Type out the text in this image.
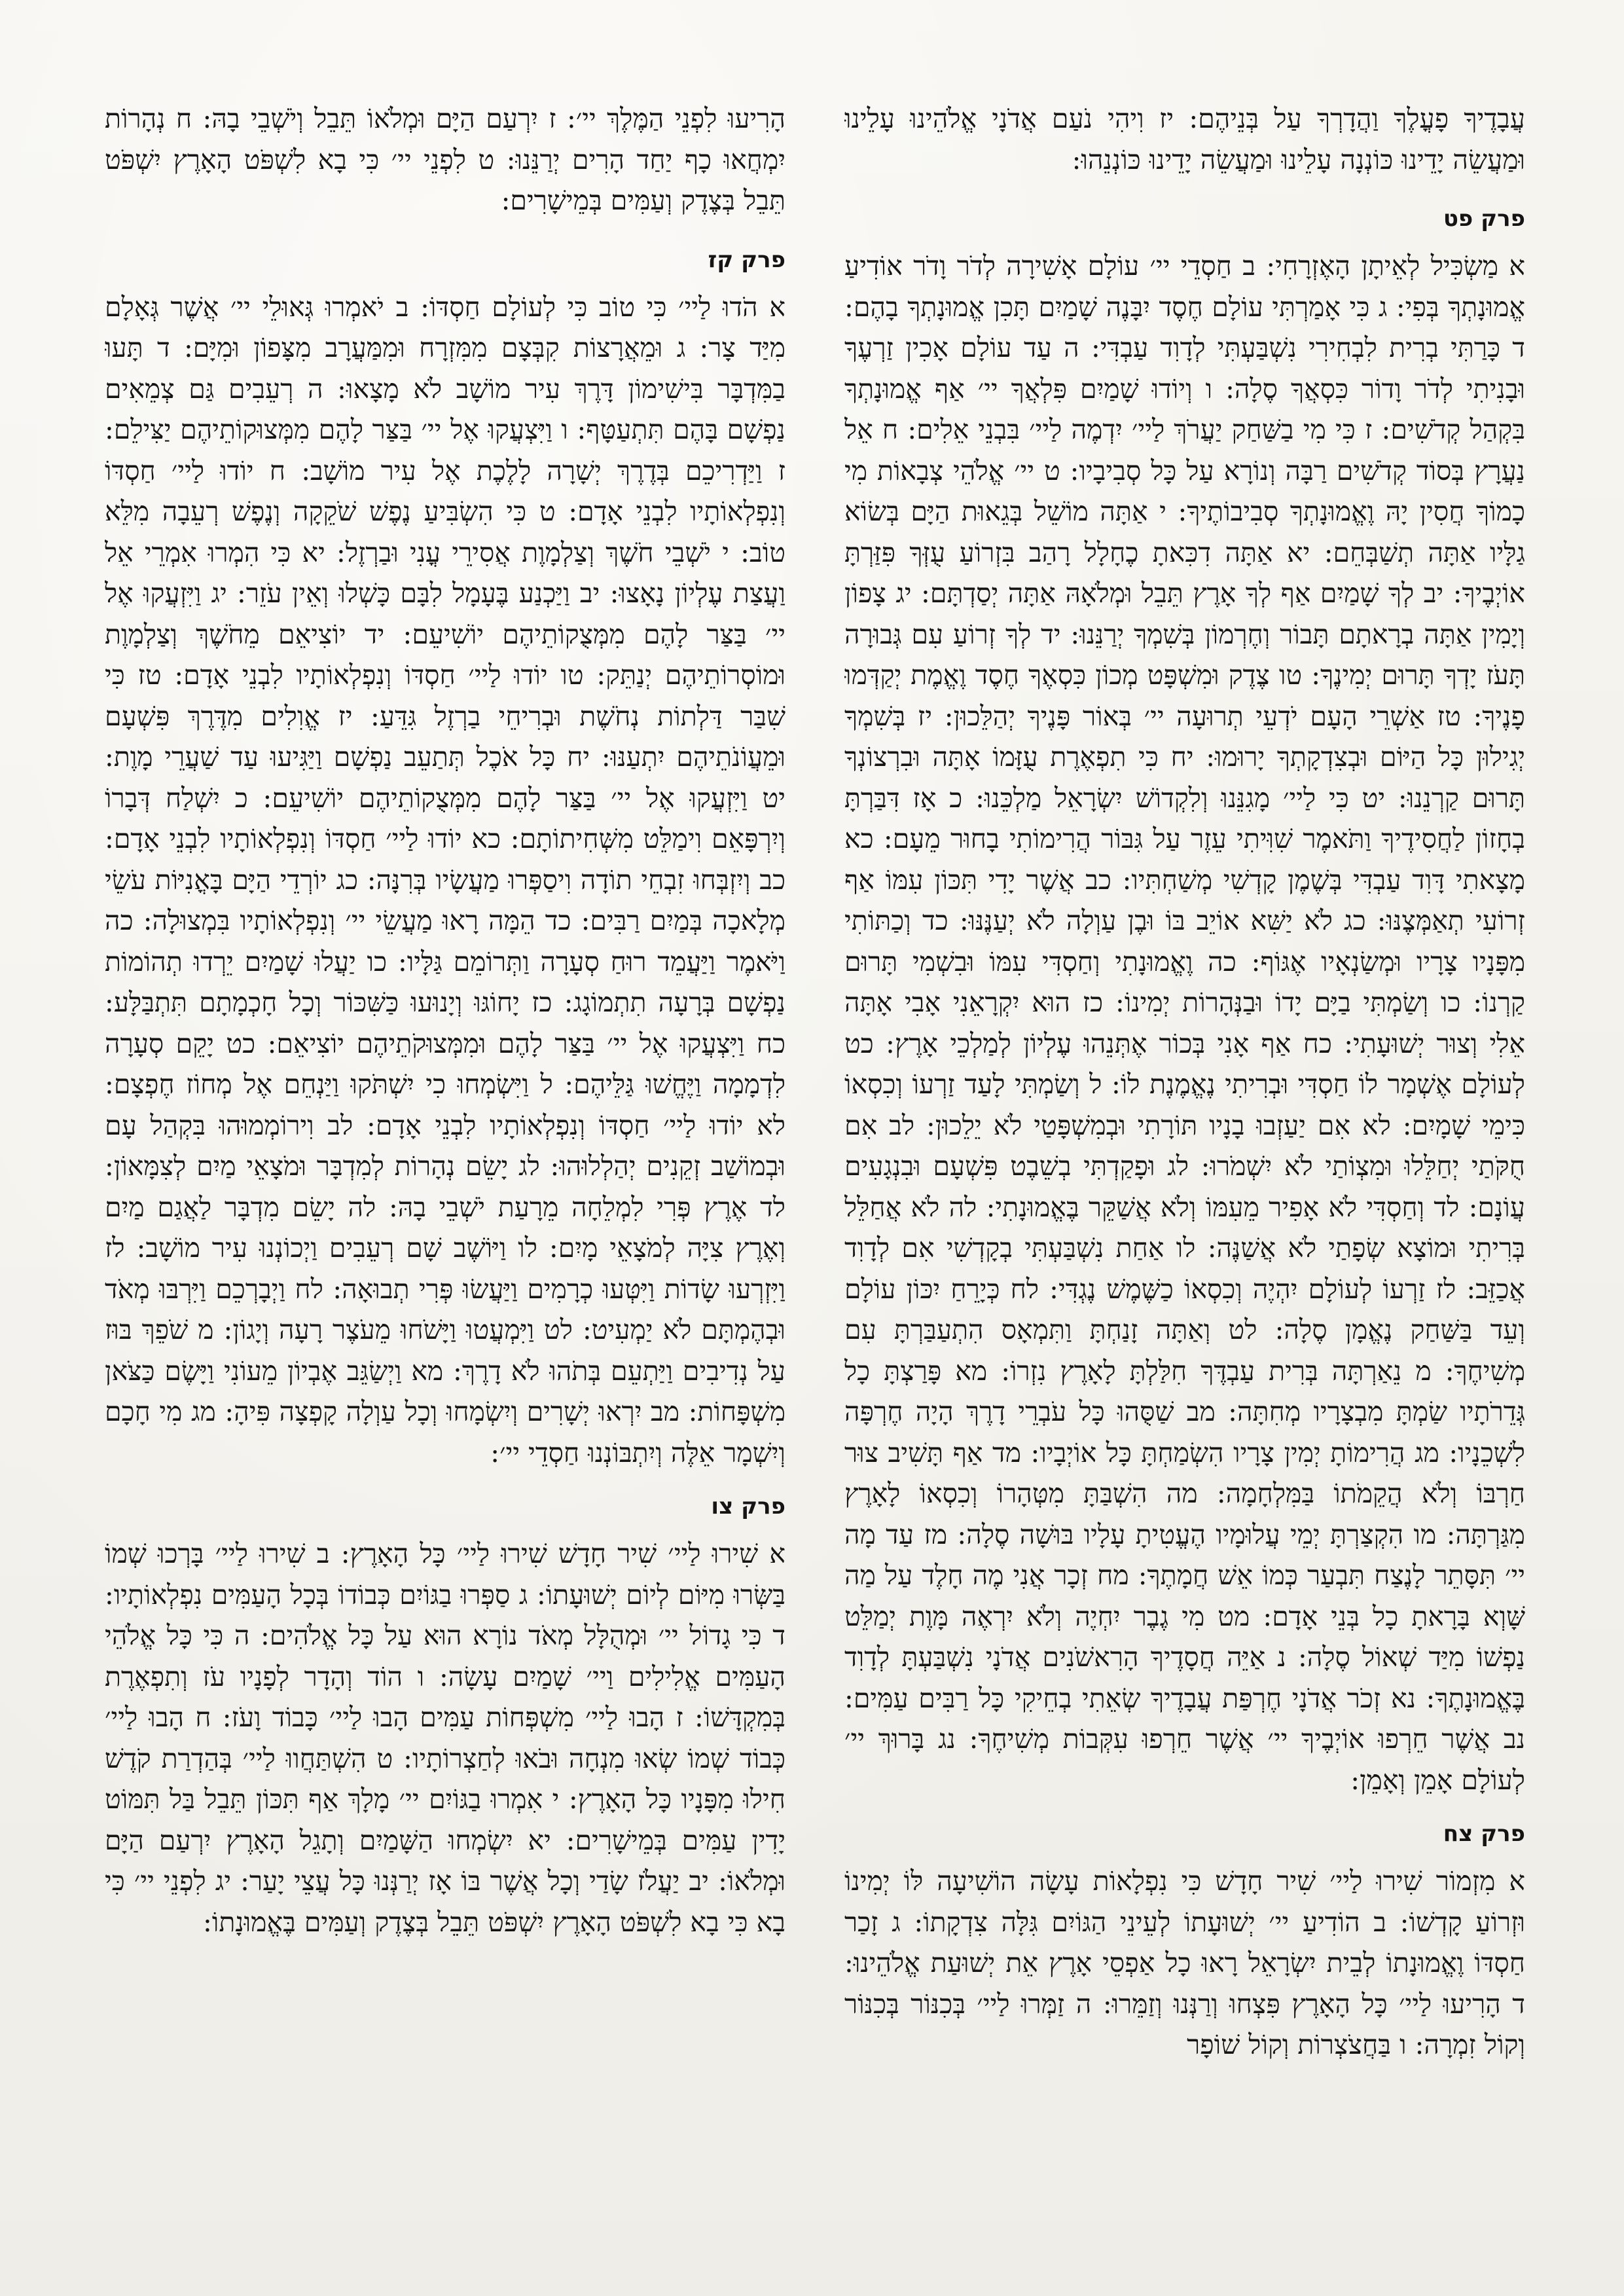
עֲבָדֶיךָ פָעֳלֶךָ וַהֲדָרְךָ עַל בְּנֵיהֶם: יז וִיהִי נֹעַם אֲדֹנָי אֱלֹהֵינוּ עָלֵינוּ וּמַעֲשֵׂה יָדֵינוּ כּוֹנְנָה עָלֵינוּ וּמַעֲשֵׂה יָדֵינוּ כּוֹנְנֵהוּ:

פרק פט

א מַשְׂכִּיל לְאֵיתָן הָאֶזְרָחִי: ב חַסְדֵי יי׳ עוֹלָם אָשִׁירָה לְדֹר וָדֹר אוֹדִיעַ אֱמוּנָתְךָ בְּפִי: ג כִּי אָמַרְתִּי עוֹלָם חֶסֶד יִבָּנֶה שָׁמַיִם תָּכִן אֱמוּנָתְךָ בָהֶם: ד כָּרַתִּי בְרִית לִבְחִירִי נִשְׁבַּעְתִּי לְדָוִד עַבְדִּי: ה עַד עוֹלָם אָכִין זַרְעֶךָ וּבָנִיתִי לְדֹר וָדוֹר כִּסְאֲךָ סֶלָה: ו וְיוֹדוּ שָׁמַיִם פִּלְאֲךָ יי׳ אַף אֱמוּנָתְךָ בִּקְהַל קְדֹשִׁים: ז כִּי מִי בַשַּׁחַק יַעֲרֹךְ לַיי׳ יִדְמֶה לַיי׳ בִּבְנֵי אֵלִים: ח אֵל נַעֲרָץ בְּסוֹד קְדֹשִׁים רַבָּה וְנוֹרָא עַל כָּל סְבִיבָיו: ט יי׳ אֱלֹהֵי צְבָאוֹת מִי כָמוֹךָ חֲסִין יָהּ וֶאֱמוּנָתְךָ סְבִיבוֹתֶיךָ: י אַתָּה מוֹשֵׁל בְּגֵאוּת הַיָּם בְּשׂוֹא גַלָּיו אַתָּה תְשַׁבְּחֵם: יא אַתָּה דִכִּאתָ כֶחָלָל רָהַב בִּזְרוֹעַ עֻזְּךָ פִּזַּרְתָּ אוֹיְבֶיךָ: יב לְךָ שָׁמַיִם אַף לְךָ אָרֶץ תֵּבֵל וּמְלֹאָהּ אַתָּה יְסַדְתָּם: יג צָפוֹן וְיָמִין אַתָּה בְרָאתָם תָּבוֹר וְחֶרְמוֹן בְּשִׁמְךָ יְרַנֵּנוּ: יד לְךָ זְרוֹעַ עִם גְּבוּרָה תָּעֹז יָדְךָ תָּרוּם יְמִינֶךָ: טו צֶדֶק וּמִשְׁפָּט מְכוֹן כִּסְאֶךָ חֶסֶד וֶאֱמֶת יְקַדְּמוּ פָנֶיךָ: טז אַשְׁרֵי הָעָם יֹדְעֵי תְרוּעָה יי׳ בְּאוֹר פָּנֶיךָ יְהַלֵּכוּן: יז בְּשִׁמְךָ יְגִילוּן כָּל הַיּוֹם וּבְצִדְקָתְךָ יָרוּמוּ: יח כִּי תִפְאֶרֶת עֻזָּמוֹ אָתָּה וּבִרְצוֹנְךָ תָּרוּם קַרְנֵנוּ: יט כִּי לַיי׳ מָגִנֵּנוּ וְלִקְדוֹשׁ יִשְׂרָאֵל מַלְכֵּנוּ: כ אָז דִּבַּרְתָּ בְחָזוֹן לַחֲסִידֶיךָ וַתֹּאמֶר שִׁוִּיתִי עֵזֶר עַל גִּבּוֹר הֲרִימוֹתִי בָחוּר מֵעָם: כא מָצָאתִי דָּוִד עַבְדִּי בְּשֶׁמֶן קָדְשִׁי מְשַׁחְתִּיו: כב אֲשֶׁר יָדִי תִּכּוֹן עִמּוֹ אַף זְרוֹעִי תְאַמְּצֶנּוּ: כג לֹא יַשִּׁא אוֹיֵב בּוֹ וּבֶן עַוְלָה לֹא יְעַנֶּנּוּ: כד וְכַתּוֹתִי מִפָּנָיו צָרָיו וּמְשַׂנְאָיו אֶגּוֹף: כה וֶאֱמוּנָתִי וְחַסְדִּי עִמּוֹ וּבִשְׁמִי תָּרוּם קַרְנוֹ: כו וְשַׂמְתִּי בַיָּם יָדוֹ וּבַנְּהָרוֹת יְמִינוֹ: כז הוּא יִקְרָאֵנִי אָבִי אָתָּה אֵלִי וְצוּר יְשׁוּעָתִי: כח אַף אָנִי בְּכוֹר אֶתְּנֵהוּ עֶלְיוֹן לְמַלְכֵי אָרֶץ: כט לְעוֹלָם אֶשְׁמָר לוֹ חַסְדִּי וּבְרִיתִי נֶאֱמֶנֶת לוֹ: ל וְשַׂמְתִּי לָעַד זַרְעוֹ וְכִסְאוֹ כִּימֵי שָׁמָיִם: לא אִם יַעַזְבוּ בָנָיו תּוֹרָתִי וּבְמִשְׁפָּטַי לֹא יֵלֵכוּן: לב אִם חֻקֹּתַי יְחַלֵּלוּ וּמִצְוֹתַי לֹא יִשְׁמֹרוּ: לג וּפָקַדְתִּי בְשֵׁבֶט פִּשְׁעָם וּבִנְגָעִים עֲוֹנָם: לד וְחַסְדִּי לֹא אָפִיר מֵעִמּוֹ וְלֹא אֲשַׁקֵּר בֶּאֱמוּנָתִי: לה לֹא אֲחַלֵּל בְּרִיתִי וּמוֹצָא שְׂפָתַי לֹא אֲשַׁנֶּה: לו אַחַת נִשְׁבַּעְתִּי בְקָדְשִׁי אִם לְדָוִד אֲכַזֵּב: לז זַרְעוֹ לְעוֹלָם יִהְיֶה וְכִסְאוֹ כַשֶּׁמֶשׁ נֶגְדִּי: לח כְּיָרֵחַ יִכּוֹן עוֹלָם וְעֵד בַּשַּׁחַק נֶאֱמָן סֶלָה: לט וְאַתָּה זָנַחְתָּ וַתִּמְאָס הִתְעַבַּרְתָּ עִם מְשִׁיחֶךָ: מ נֵאַרְתָּה בְּרִית עַבְדֶּךָ חִלַּלְתָּ לָאָרֶץ נִזְרוֹ: מא פָּרַצְתָּ כָל גְּדֵרֹתָיו שַׂמְתָּ מִבְצָרָיו מְחִתָּה: מב שַׁסֻּהוּ כָּל עֹבְרֵי דָרֶךְ הָיָה חֶרְפָּה לִשְׁכֵנָיו: מג הֲרִימוֹתָ יְמִין צָרָיו הִשְׂמַחְתָּ כָּל אוֹיְבָיו: מד אַף תָּשִׁיב צוּר חַרְבּוֹ וְלֹא הֲקֵמֹתוֹ בַּמִּלְחָמָה: מה הִשְׁבַּתָּ מִטְּהָרוֹ וְכִסְאוֹ לָאָרֶץ מִגַּרְתָּה: מו הִקְצַרְתָּ יְמֵי עֲלוּמָיו הֶעֱטִיתָ עָלָיו בּוּשָׁה סֶלָה: מז עַד מָה יי׳ תִּסָּתֵר לָנֶצַח תִּבְעַר כְּמוֹ אֵשׁ חֲמָתֶךָ: מח זְכָר אֲנִי מֶה חָלֶד עַל מַה שָּׁוְא בָּרָאתָ כָל בְּנֵי אָדָם: מט מִי גֶבֶר יִחְיֶה וְלֹא יִרְאֶה מָּוֶת יְמַלֵּט נַפְשׁוֹ מִיַּד שְׁאוֹל סֶלָה: נ אַיֵּה חֲסָדֶיךָ הָרִאשֹׁנִים אֲדֹנָי נִשְׁבַּעְתָּ לְדָוִד בֶּאֱמוּנָתֶךָ: נא זְכֹר אֲדֹנָי חֶרְפַּת עֲבָדֶיךָ שְׂאֵתִי בְחֵיקִי כָּל רַבִּים עַמִּים: נב אֲשֶׁר חֵרְפוּ אוֹיְבֶיךָ יי׳ אֲשֶׁר חֵרְפוּ עִקְּבוֹת מְשִׁיחֶךָ: נג בָּרוּךְ יי׳ לְעוֹלָם אָמֵן וְאָמֵן:

פרק צח

א מִזְמוֹר שִׁירוּ לַיי׳ שִׁיר חָדָשׁ כִּי נִפְלָאוֹת עָשָׂה הוֹשִׁיעָה לּוֹ יְמִינוֹ וּזְרוֹעַ קָדְשׁוֹ: ב הוֹדִיעַ יי׳ יְשׁוּעָתוֹ לְעֵינֵי הַגּוֹיִם גִּלָּה צִדְקָתוֹ: ג זָכַר חַסְדּוֹ וֶאֱמוּנָתוֹ לְבֵית יִשְׂרָאֵל רָאוּ כָל אַפְסֵי אָרֶץ אֵת יְשׁוּעַת אֱלֹהֵינוּ: ד הָרִיעוּ לַיי׳ כָּל הָאָרֶץ פִּצְחוּ וְרַנְּנוּ וְזַמֵּרוּ: ה זַמְּרוּ לַיי׳ בְּכִנּוֹר בְּכִנּוֹר וְקוֹל זִמְרָה: ו בַּחֲצֹצְרוֹת וְקוֹל שׁוֹפָר

הָרִיעוּ לִפְנֵי הַמֶּלֶךְ יי׳: ז יִרְעַם הַיָּם וּמְלֹאוֹ תֵּבֵל וְיֹשְׁבֵי בָהּ: ח נְהָרוֹת יִמְחֲאוּ כָף יַחַד הָרִים יְרַנֵּנוּ: ט לִפְנֵי יי׳ כִּי בָא לִשְׁפֹּט הָאָרֶץ יִשְׁפֹּט תֵּבֵל בְּצֶדֶק וְעַמִּים בְּמֵישָׁרִים:

פרק קז

א הֹדוּ לַיי׳ כִּי טוֹב כִּי לְעוֹלָם חַסְדּוֹ: ב יֹאמְרוּ גְּאוּלֵי יי׳ אֲשֶׁר גְּאָלָם מִיַּד צָר: ג וּמֵאֲרָצוֹת קִבְּצָם מִמִּזְרָח וּמִמַּעֲרָב מִצָּפוֹן וּמִיָּם: ד תָּעוּ בַמִּדְבָּר בִּישִׁימוֹן דָּרֶךְ עִיר מוֹשָׁב לֹא מָצָאוּ: ה רְעֵבִים גַּם צְמֵאִים נַפְשָׁם בָּהֶם תִּתְעַטָּף: ו וַיִּצְעֲקוּ אֶל יי׳ בַּצַּר לָהֶם מִמְּצוּקוֹתֵיהֶם יַצִּילֵם: ז וַיַּדְרִיכֵם בְּדֶרֶךְ יְשָׁרָה לָלֶכֶת אֶל עִיר מוֹשָׁב: ח יוֹדוּ לַיי׳ חַסְדּוֹ וְנִפְלְאוֹתָיו לִבְנֵי אָדָם: ט כִּי הִשְׂבִּיעַ נֶפֶשׁ שֹׁקֵקָה וְנֶפֶשׁ רְעֵבָה מִלֵּא טוֹב: י יֹשְׁבֵי חֹשֶׁךְ וְצַלְמָוֶת אֲסִירֵי עֳנִי וּבַרְזֶל: יא כִּי הִמְרוּ אִמְרֵי אֵל וַעֲצַת עֶלְיוֹן נָאָצוּ: יב וַיַּכְנַע בֶּעָמָל לִבָּם כָּשְׁלוּ וְאֵין עֹזֵר: יג וַיִּזְעֲקוּ אֶל יי׳ בַּצַּר לָהֶם מִמְּצֻקוֹתֵיהֶם יוֹשִׁיעֵם: יד יוֹצִיאֵם מֵחֹשֶׁךְ וְצַלְמָוֶת וּמוֹסְרוֹתֵיהֶם יְנַתֵּק: טו יוֹדוּ לַיי׳ חַסְדּוֹ וְנִפְלְאוֹתָיו לִבְנֵי אָדָם: טז כִּי שִׁבַּר דַּלְתוֹת נְחֹשֶׁת וּבְרִיחֵי בַרְזֶל גִּדֵּעַ: יז אֱוִלִים מִדֶּרֶךְ פִּשְׁעָם וּמֵעֲוֹנֹתֵיהֶם יִתְעַנּוּ: יח כָּל אֹכֶל תְּתַעֵב נַפְשָׁם וַיַּגִּיעוּ עַד שַׁעֲרֵי מָוֶת: יט וַיִּזְעֲקוּ אֶל יי׳ בַּצַּר לָהֶם מִמְּצֻקוֹתֵיהֶם יוֹשִׁיעֵם: כ יִשְׁלַח דְּבָרוֹ וְיִרְפָּאֵם וִימַלֵּט מִשְּׁחִיתוֹתָם: כא יוֹדוּ לַיי׳ חַסְדּוֹ וְנִפְלְאוֹתָיו לִבְנֵי אָדָם: כב וְיִזְבְּחוּ זִבְחֵי תוֹדָה וִיסַפְּרוּ מַעֲשָׂיו בְּרִנָּה: כג יוֹרְדֵי הַיָּם בָּאֳנִיּוֹת עֹשֵׂי מְלָאכָה בְּמַיִם רַבִּים: כד הֵמָּה רָאוּ מַעֲשֵׂי יי׳ וְנִפְלְאוֹתָיו בִּמְצוּלָה: כה וַיֹּאמֶר וַיַּעֲמֵד רוּחַ סְעָרָה וַתְּרוֹמֵם גַּלָּיו: כו יַעֲלוּ שָׁמַיִם יֵרְדוּ תְהוֹמוֹת נַפְשָׁם בְּרָעָה תִתְמוֹגָג: כז יָחוֹגּוּ וְיָנוּעוּ כַּשִּׁכּוֹר וְכָל חָכְמָתָם תִּתְבַּלָּע: כח וַיִּצְעֲקוּ אֶל יי׳ בַּצַּר לָהֶם וּמִמְּצוּקֹתֵיהֶם יוֹצִיאֵם: כט יָקֵם סְעָרָה לִדְמָמָה וַיֶּחֱשׁוּ גַּלֵּיהֶם: ל וַיִּשְׂמְחוּ כִי יִשְׁתֹּקוּ וַיַּנְחֵם אֶל מְחוֹז חֶפְצָם: לא יוֹדוּ לַיי׳ חַסְדּוֹ וְנִפְלְאוֹתָיו לִבְנֵי אָדָם: לב וִירוֹמְמוּהוּ בִּקְהַל עָם וּבְמוֹשַׁב זְקֵנִים יְהַלְלוּהוּ: לג יָשֵׂם נְהָרוֹת לְמִדְבָּר וּמֹצָאֵי מַיִם לְצִמָּאוֹן: לד אֶרֶץ פְּרִי לִמְלֵחָה מֵרָעַת יֹשְׁבֵי בָהּ: לה יָשֵׂם מִדְבָּר לַאֲגַם מַיִם וְאֶרֶץ צִיָּה לְמֹצָאֵי מָיִם: לו וַיּוֹשֶׁב שָׁם רְעֵבִים וַיְכוֹנְנוּ עִיר מוֹשָׁב: לז וַיִּזְרְעוּ שָׂדוֹת וַיִּטְּעוּ כְרָמִים וַיַּעֲשׂוּ פְּרִי תְבוּאָה: לח וַיְבָרְכֵם וַיִּרְבּוּ מְאֹד וּבְהֶמְתָּם לֹא יַמְעִיט: לט וַיִּמְעֲטוּ וַיָּשֹׁחוּ מֵעֹצֶר רָעָה וְיָגוֹן: מ שֹׁפֵךְ בּוּז עַל נְדִיבִים וַיַּתְעֵם בְּתֹהוּ לֹא דָרֶךְ: מא וַיְשַׂגֵּב אֶבְיוֹן מֵעוֹנִי וַיָּשֶׂם כַּצֹּאן מִשְׁפָּחוֹת: מב יִרְאוּ יְשָׁרִים וְיִשְׂמָחוּ וְכָל עַוְלָה קָפְצָה פִּיהָ: מג מִי חָכָם וְיִשְׁמָר אֵלֶּה וְיִתְבּוֹנְנוּ חַסְדֵי יי׳:

פרק צו

א שִׁירוּ לַיי׳ שִׁיר חָדָשׁ שִׁירוּ לַיי׳ כָּל הָאָרֶץ: ב שִׁירוּ לַיי׳ בָּרְכוּ שְׁמוֹ בַּשְּׂרוּ מִיּוֹם לְיוֹם יְשׁוּעָתוֹ: ג סַפְּרוּ בַגּוֹיִם כְּבוֹדוֹ בְּכָל הָעַמִּים נִפְלְאוֹתָיו: ד כִּי גָדוֹל יי׳ וּמְהֻלָּל מְאֹד נוֹרָא הוּא עַל כָּל אֱלֹהִים: ה כִּי כָּל אֱלֹהֵי הָעַמִּים אֱלִילִים וַיי׳ שָׁמַיִם עָשָׂה: ו הוֹד וְהָדָר לְפָנָיו עֹז וְתִפְאֶרֶת בְּמִקְדָּשׁוֹ: ז הָבוּ לַיי׳ מִשְׁפְּחוֹת עַמִּים הָבוּ לַיי׳ כָּבוֹד וָעֹז: ח הָבוּ לַיי׳ כְּבוֹד שְׁמוֹ שְׂאוּ מִנְחָה וּבֹאוּ לְחַצְרוֹתָיו: ט הִשְׁתַּחֲווּ לַיי׳ בְּהַדְרַת קֹדֶשׁ חִילוּ מִפָּנָיו כָּל הָאָרֶץ: י אִמְרוּ בַגּוֹיִם יי׳ מָלָךְ אַף תִּכּוֹן תֵּבֵל בַּל תִּמּוֹט יָדִין עַמִּים בְּמֵישָׁרִים: יא יִשְׂמְחוּ הַשָּׁמַיִם וְתָגֵל הָאָרֶץ יִרְעַם הַיָּם וּמְלֹאוֹ: יב יַעֲלֹז שָׂדַי וְכָל אֲשֶׁר בּוֹ אָז יְרַנְּנוּ כָּל עֲצֵי יָעַר: יג לִפְנֵי יי׳ כִּי בָא כִּי בָא לִשְׁפֹּט הָאָרֶץ יִשְׁפֹּט תֵּבֵל בְּצֶדֶק וְעַמִּים בֶּאֱמוּנָתוֹ:
